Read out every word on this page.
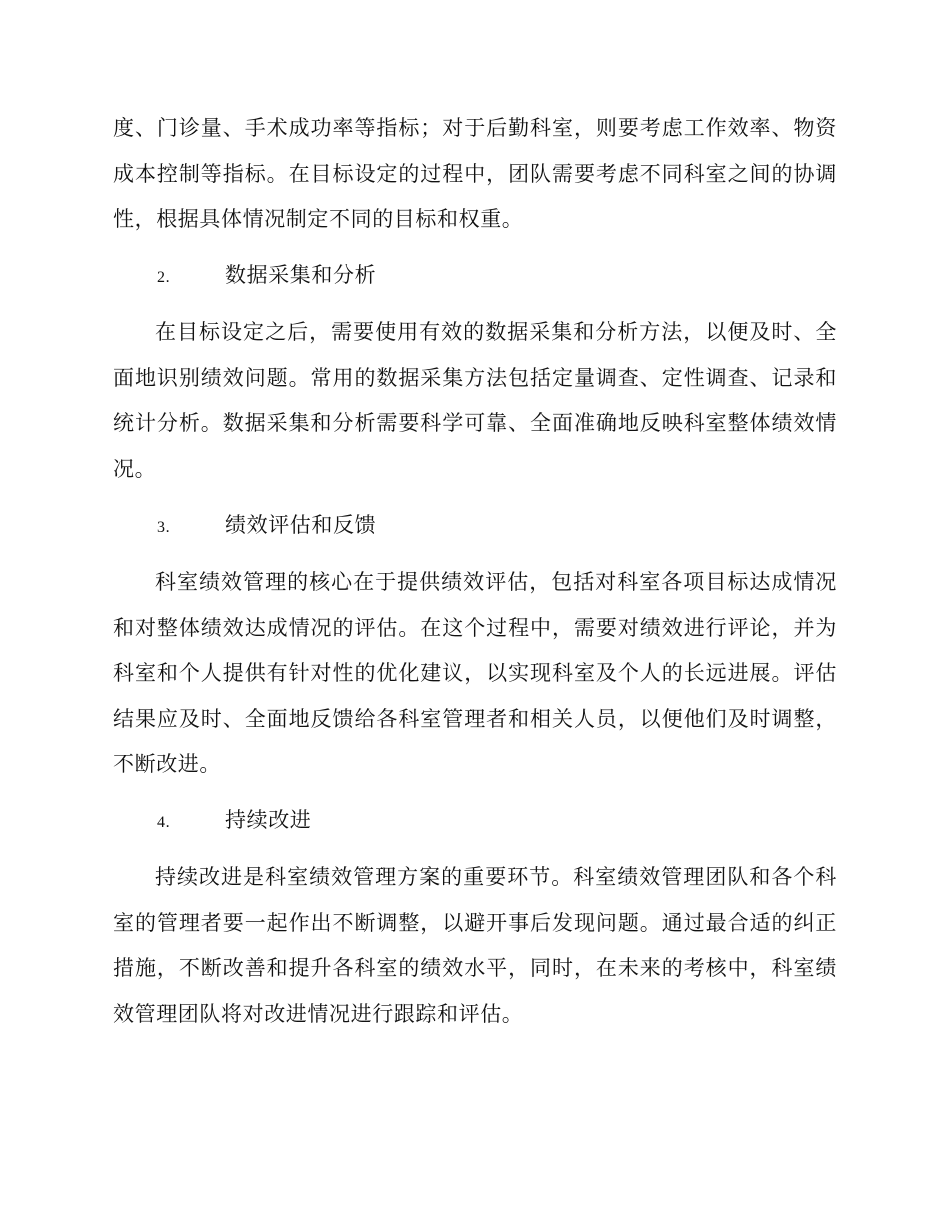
度、门诊量、手术成功率等指标；对于后勤科室，则要考虑工作效率、物资成本控制等指标。在目标设定的过程中，团队需要考虑不同科室之间的协调性，根据具体情况制定不同的目标和权重。

2.	数据采集和分析

在目标设定之后，需要使用有效的数据采集和分析方法，以便及时、全面地识别绩效问题。常用的数据采集方法包括定量调查、定性调查、记录和统计分析。数据采集和分析需要科学可靠、全面准确地反映科室整体绩效情况。

3.	绩效评估和反馈

科室绩效管理的核心在于提供绩效评估，包括对科室各项目标达成情况和对整体绩效达成情况的评估。在这个过程中，需要对绩效进行评论，并为科室和个人提供有针对性的优化建议，以实现科室及个人的长远进展。评估结果应及时、全面地反馈给各科室管理者和相关人员，以便他们及时调整，不断改进。

4.	持续改进

持续改进是科室绩效管理方案的重要环节。科室绩效管理团队和各个科室的管理者要一起作出不断调整，以避开事后发现问题。通过最合适的纠正措施，不断改善和提升各科室的绩效水平，同时，在未来的考核中，科室绩效管理团队将对改进情况进行跟踪和评估。
